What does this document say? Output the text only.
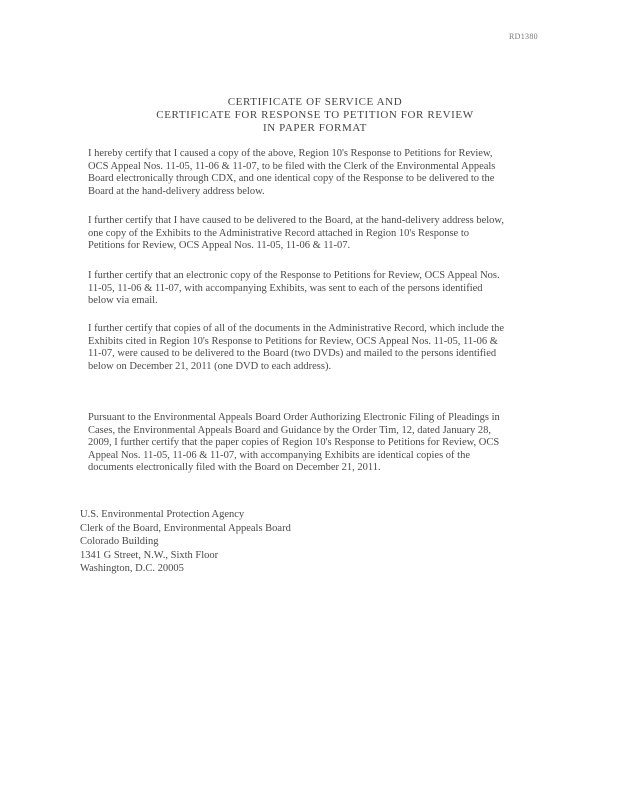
RD1380
CERTIFICATE OF SERVICE AND
CERTIFICATE FOR RESPONSE TO PETITION FOR REVIEW
IN PAPER FORMAT
I hereby certify that I caused a copy of the above, Region 10's Response to Petitions for Review, OCS Appeal Nos. 11-05, 11-06 & 11-07, to be filed with the Clerk of the Environmental Appeals Board electronically through CDX, and one identical copy of the Response to be delivered to the Board at the hand-delivery address below.
I further certify that I have caused to be delivered to the Board, at the hand-delivery address below, one copy of the Exhibits to the Administrative Record attached in Region 10's Response to Petitions for Review, OCS Appeal Nos. 11-05, 11-06 & 11-07.
I further certify that an electronic copy of the Response to Petitions for Review, OCS Appeal Nos. 11-05, 11-06 & 11-07, with accompanying Exhibits, was sent to each of the persons identified below via email.
I further certify that copies of all of the documents in the Administrative Record, which include the Exhibits cited in Region 10's Response to Petitions for Review, OCS Appeal Nos. 11-05, 11-06 & 11-07, were caused to be delivered to the Board (two DVDs) and mailed to the persons identified below on December 21, 2011 (one DVD to each address).
Pursuant to the Environmental Appeals Board Order Authorizing Electronic Filing of Pleadings in Cases, the Environmental Appeals Board and Guidance by the Order Tim, 12, dated January 28, 2009, I further certify that the paper copies of Region 10's Response to Petitions for Review, OCS Appeal Nos. 11-05, 11-06 & 11-07, with accompanying Exhibits are identical copies of the documents electronically filed with the Board on December 21, 2011.
U.S. Environmental Protection Agency
Clerk of the Board, Environmental Appeals Board
Colorado Building
1341 G Street, N.W., Sixth Floor
Washington, D.C. 20005
